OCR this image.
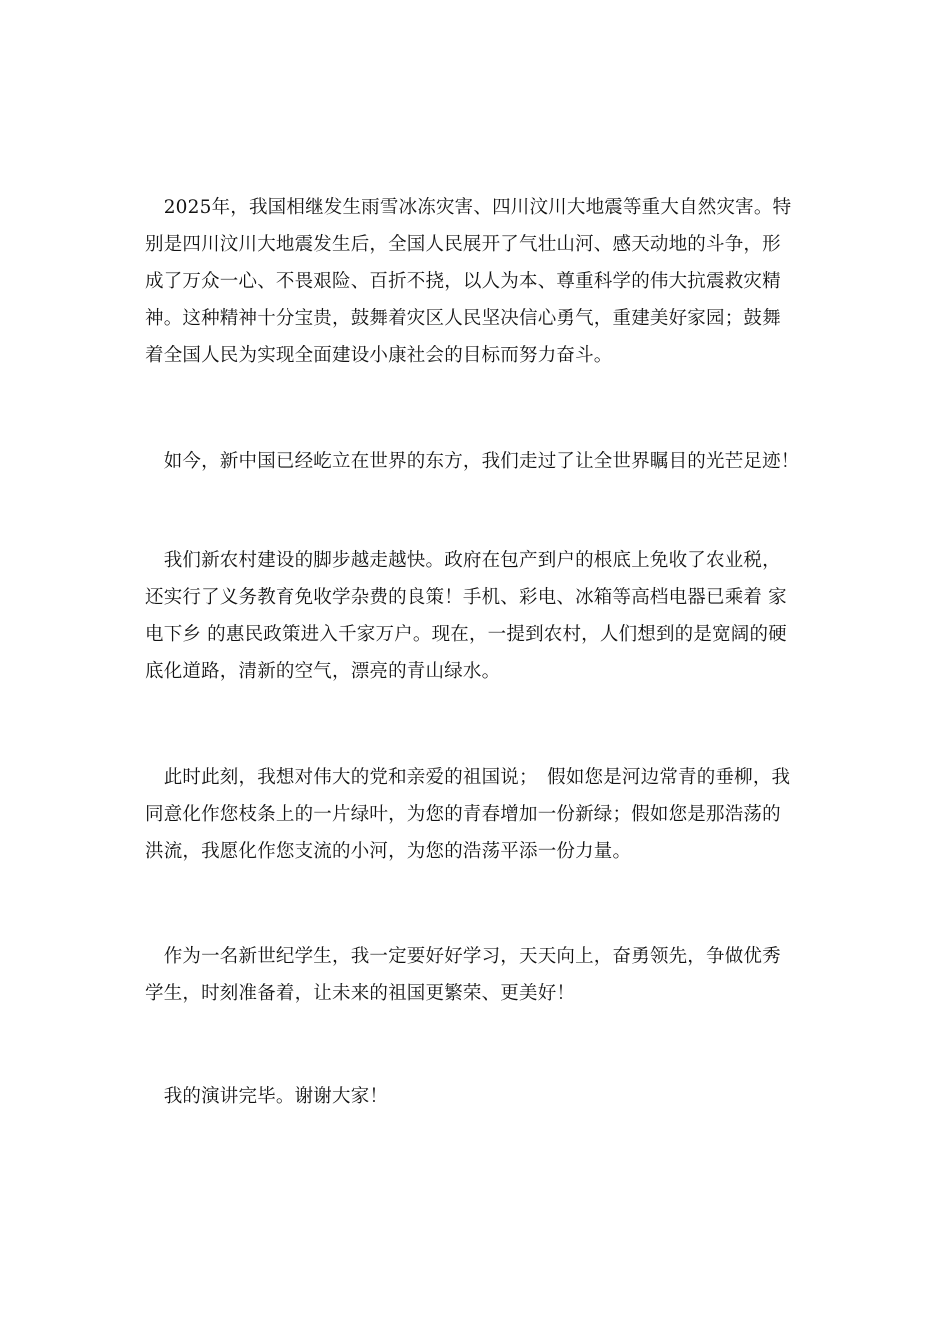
　2025年，我国相继发生雨雪冰冻灾害、四川汶川大地震等重大自然灾害。特
别是四川汶川大地震发生后，全国人民展开了气壮山河、感天动地的斗争，形
成了万众一心、不畏艰险、百折不挠，以人为本、尊重科学的伟大抗震救灾精
神。这种精神十分宝贵，鼓舞着灾区人民坚决信心勇气，重建美好家园；鼓舞
着全国人民为实现全面建设小康社会的目标而努力奋斗。
　如今，新中国已经屹立在世界的东方，我们走过了让全世界瞩目的光芒足迹！
　我们新农村建设的脚步越走越快。政府在包产到户的根底上免收了农业税，
还实行了义务教育免收学杂费的良策！手机、彩电、冰箱等高档电器已乘着 家
电下乡 的惠民政策进入千家万户。现在，一提到农村，人们想到的是宽阔的硬
底化道路，清新的空气，漂亮的青山绿水。
　此时此刻，我想对伟大的党和亲爱的祖国说；　假如您是河边常青的垂柳，我
同意化作您枝条上的一片绿叶，为您的青春增加一份新绿；假如您是那浩荡的
洪流，我愿化作您支流的小河，为您的浩荡平添一份力量。
　作为一名新世纪学生，我一定要好好学习，天天向上，奋勇领先，争做优秀
学生，时刻准备着，让未来的祖国更繁荣、更美好！
　我的演讲完毕。谢谢大家！
